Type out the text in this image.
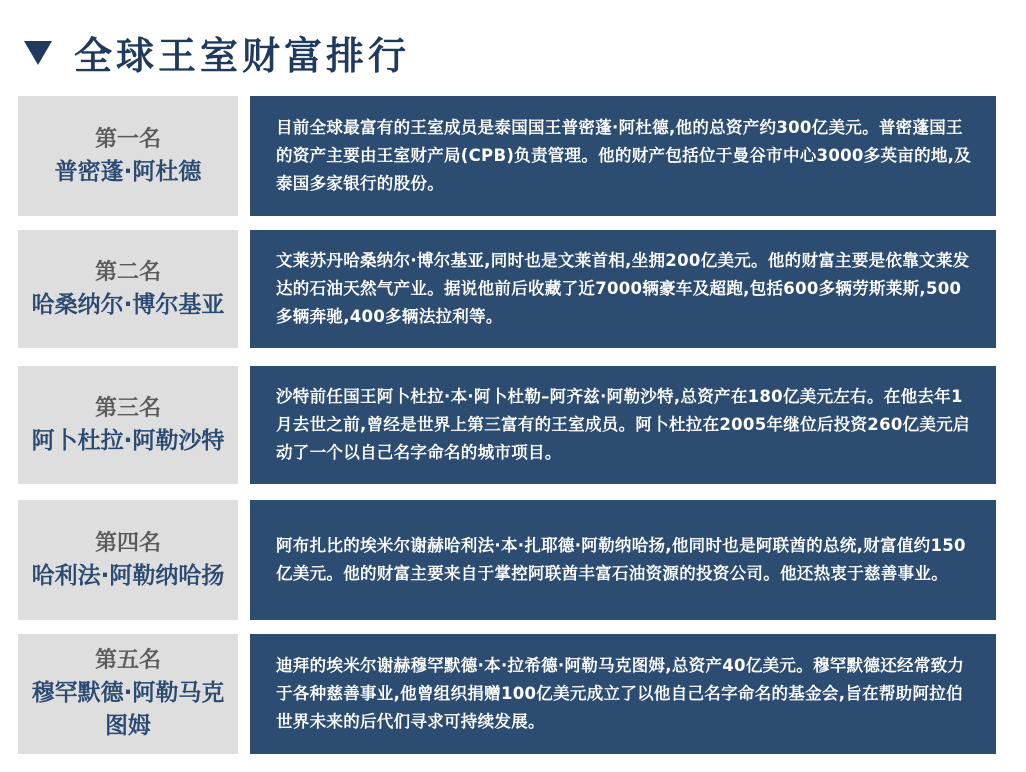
全球王室财富排行
第一名
普密蓬·阿杜德
目前全球最富有的王室成员是泰国国王普密蓬·阿杜德,他的总资产约300亿美元。普密蓬国王的资产主要由王室财产局(CPB)负责管理。他的财产包括位于曼谷市中心3000多英亩的地,及泰国多家银行的股份。
第二名
哈桑纳尔·博尔基亚
文莱苏丹哈桑纳尔·博尔基亚,同时也是文莱首相,坐拥200亿美元。他的财富主要是依靠文莱发达的石油天然气产业。据说他前后收藏了近7000辆豪车及超跑,包括600多辆劳斯莱斯,500多辆奔驰,400多辆法拉利等。
第三名
阿卜杜拉·阿勒沙特
沙特前任国王阿卜杜拉·本·阿卜杜勒–阿齐兹·阿勒沙特,总资产在180亿美元左右。在他去年1月去世之前,曾经是世界上第三富有的王室成员。阿卜杜拉在2005年继位后投资260亿美元启动了一个以自己名字命名的城市项目。
第四名
哈利法·阿勒纳哈扬
阿布扎比的埃米尔谢赫哈利法·本·扎耶德·阿勒纳哈扬,他同时也是阿联酋的总统,财富值约150亿美元。他的财富主要来自于掌控阿联酋丰富石油资源的投资公司。他还热衷于慈善事业。
第五名
穆罕默德·阿勒马克图姆
迪拜的埃米尔谢赫穆罕默德·本·拉希德·阿勒马克图姆,总资产40亿美元。穆罕默德还经常致力于各种慈善事业,他曾组织捐赠100亿美元成立了以他自己名字命名的基金会,旨在帮助阿拉伯世界未来的后代们寻求可持续发展。
